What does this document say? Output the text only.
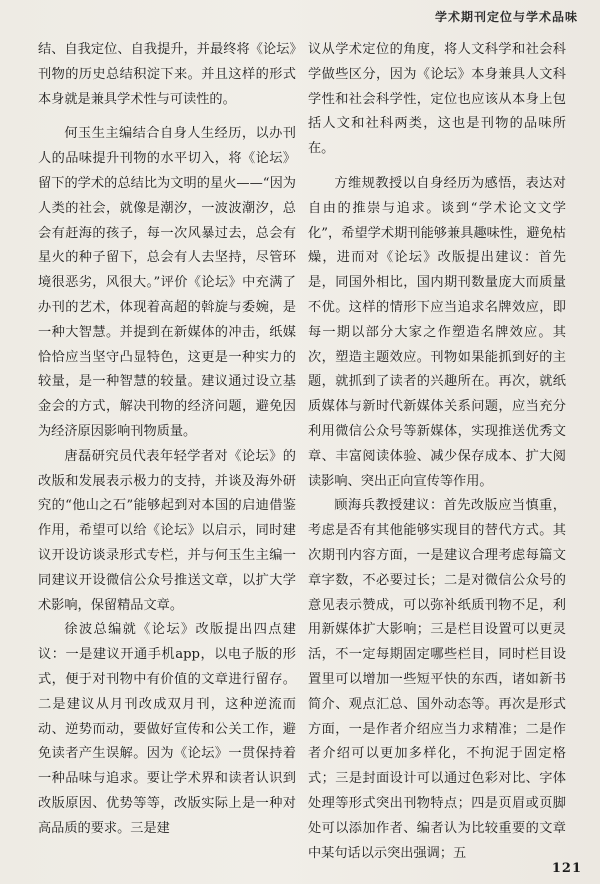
学术期刊定位与学术品味

结、自我定位、自我提升，并最终将《论坛》刊物的历史总结积淀下来。并且这样的形式本身就是兼具学术性与可读性的。

何玉生主编结合自身人生经历，以办刊人的品味提升刊物的水平切入，将《论坛》留下的学术的总结比为文明的星火——“因为人类的社会，就像是潮汐，一波波潮汐，总会有赶海的孩子，每一次风暴过去，总会有星火的种子留下，总会有人去坚持，尽管环境很恶劣，风很大。”评价《论坛》中充满了办刊的艺术，体现着高超的斡旋与委婉，是一种大智慧。并提到在新媒体的冲击，纸媒恰恰应当坚守凸显特色，这更是一种实力的较量，是一种智慧的较量。建议通过设立基金会的方式，解决刊物的经济问题，避免因为经济原因影响刊物质量。

唐磊研究员代表年轻学者对《论坛》的改版和发展表示极力的支持，并谈及海外研究的“他山之石”能够起到对本国的启迪借鉴作用，希望可以给《论坛》以启示，同时建议开设访谈录形式专栏，并与何玉生主编一同建议开设微信公众号推送文章，以扩大学术影响，保留精品文章。

徐波总编就《论坛》改版提出四点建议：一是建议开通手机app，以电子版的形式，便于对刊物中有价值的文章进行留存。二是建议从月刊改成双月刊，这种逆流而动、逆势而动，要做好宣传和公关工作，避免读者产生误解。因为《论坛》一贯保持着一种品味与追求。要让学术界和读者认识到改版原因、优势等等，改版实际上是一种对高品质的要求。三是建

议从学术定位的角度，将人文科学和社会科学做些区分，因为《论坛》本身兼具人文科学性和社会科学性，定位也应该从本身上包括人文和社科两类，这也是刊物的品味所在。

方维规教授以自身经历为感悟，表达对自由的推崇与追求。谈到“学术论文文学化”，希望学术期刊能够兼具趣味性，避免枯燥，进而对《论坛》改版提出建议：首先是，同国外相比，国内期刊数量庞大而质量不优。这样的情形下应当追求名牌效应，即每一期以部分大家之作塑造名牌效应。其次，塑造主题效应。刊物如果能抓到好的主题，就抓到了读者的兴趣所在。再次，就纸质媒体与新时代新媒体关系问题，应当充分利用微信公众号等新媒体，实现推送优秀文章、丰富阅读体验、减少保存成本、扩大阅读影响、突出正向宣传等作用。

顾海兵教授建议：首先改版应当慎重，考虑是否有其他能够实现目的替代方式。其次期刊内容方面，一是建议合理考虑每篇文章字数，不必要过长；二是对微信公众号的意见表示赞成，可以弥补纸质刊物不足，利用新媒体扩大影响；三是栏目设置可以更灵活，不一定每期固定哪些栏目，同时栏目设置里可以增加一些短平快的东西，诸如新书简介、观点汇总、国外动态等。再次是形式方面，一是作者介绍应当力求精准；二是作者介绍可以更加多样化，不拘泥于固定格式；三是封面设计可以通过色彩对比、字体处理等形式突出刊物特点；四是页眉或页脚处可以添加作者、编者认为比较重要的文章中某句话以示突出强调；五

121
